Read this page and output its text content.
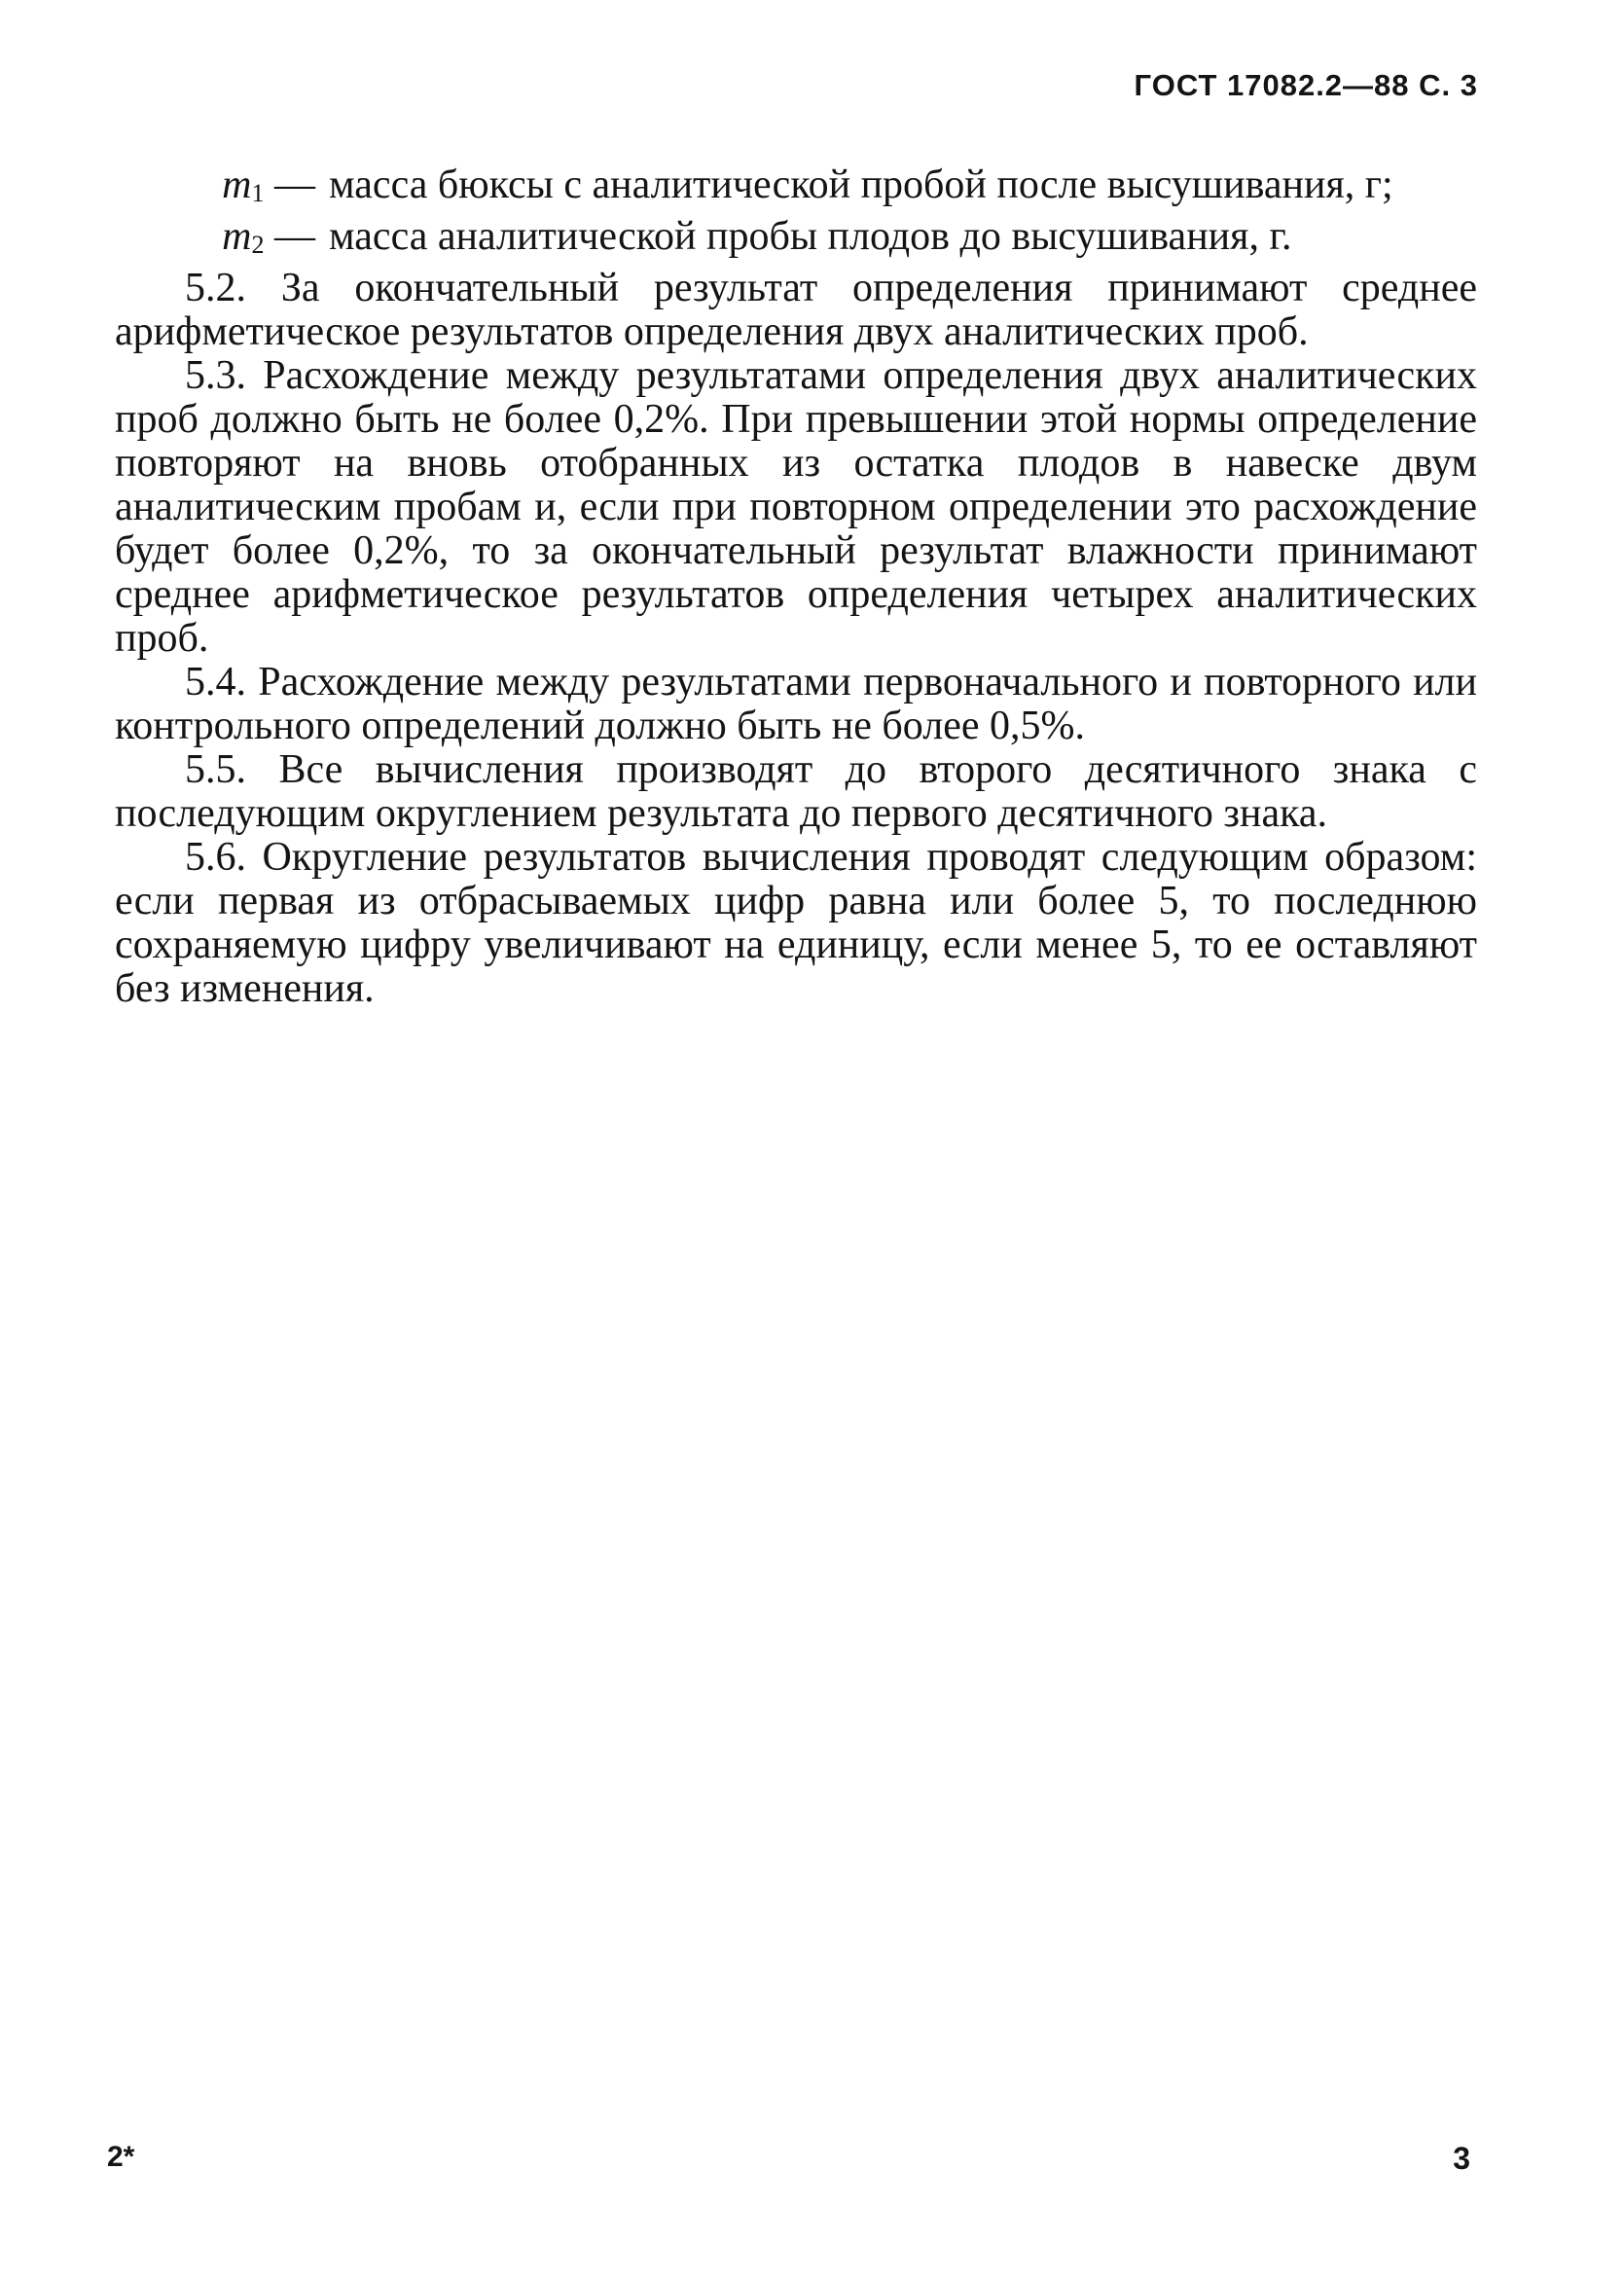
ГОСТ 17082.2—88 С. 3
$m_1$ — масса бюксы с аналитической пробой после высушивания, г;
$m_2$ — масса аналитической пробы плодов до высушивания, г.

5.2. За окончательный результат определения принимают среднее арифметическое результатов определения двух аналитических проб.

5.3. Расхождение между результатами определения двух аналитических проб должно быть не более 0,2%. При превышении этой нормы определение повторяют на вновь отобранных из остатка плодов в навеске двум аналитическим пробам и, если при повторном определении это расхождение будет более 0,2%, то за окончательный результат влажности принимают среднее арифметическое результатов определения четырех аналитических проб.

5.4. Расхождение между результатами первоначального и повторного или контрольного определений должно быть не более 0,5%.

5.5. Все вычисления производят до второго десятичного знака с последующим округлением результата до первого десятичного знака.

5.6. Округление результатов вычисления проводят следующим образом: если первая из отбрасываемых цифр равна или более 5, то последнюю сохраняемую цифру увеличивают на единицу, если менее 5, то ее оставляют без изменения.

2*	3
